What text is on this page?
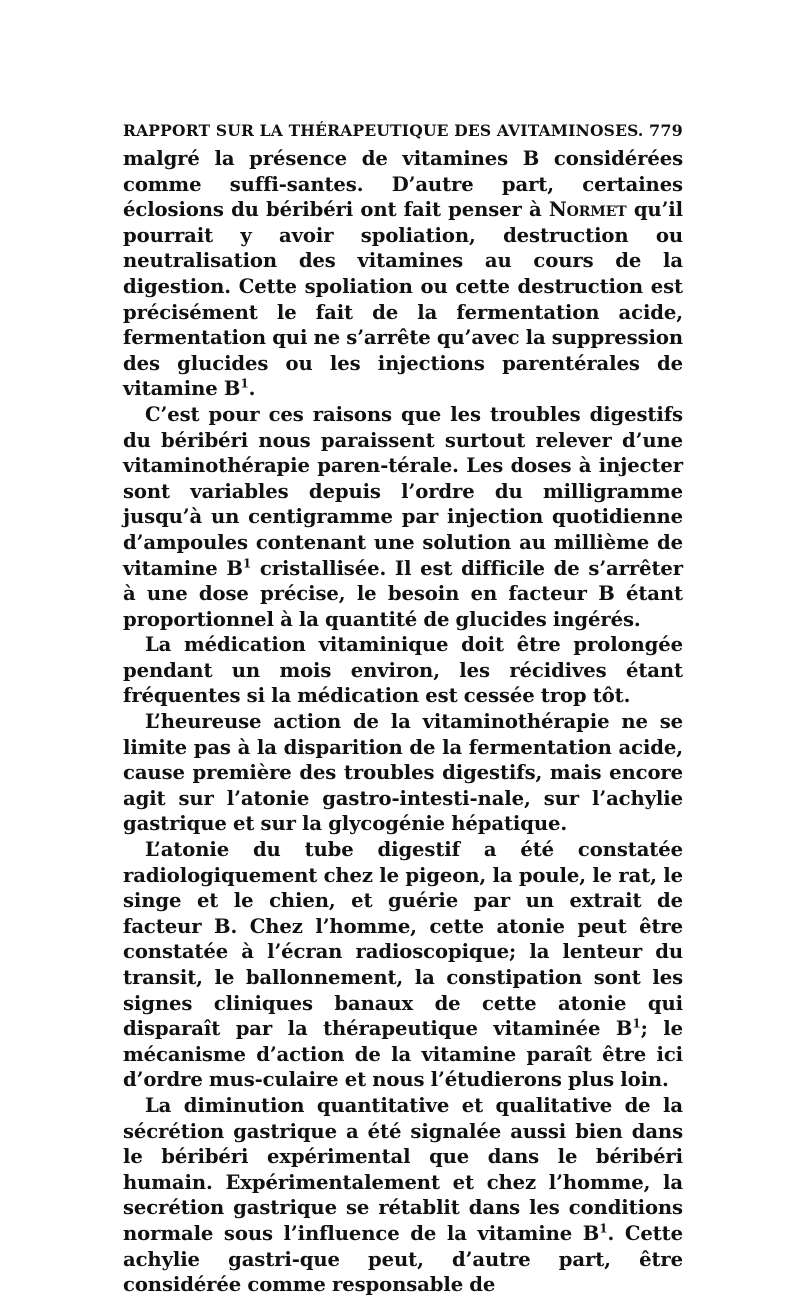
RAPPORT SUR LA THÉRAPEUTIQUE DES AVITAMINOSES. 779

malgré la présence de vitamines B considérées comme suffi-santes. D’autre part, certaines éclosions du béribéri ont fait penser à Normet qu’il pourrait y avoir spoliation, destruction ou neutralisation des vitamines au cours de la digestion. Cette spoliation ou cette destruction est précisément le fait de la fermentation acide, fermentation qui ne s’arrête qu’avec la suppression des glucides ou les injections parentérales de vitamine $B^1$.

C’est pour ces raisons que les troubles digestifs du béribéri nous paraissent surtout relever d’une vitaminothérapie paren-térale. Les doses à injecter sont variables depuis l’ordre du milligramme jusqu’à un centigramme par injection quotidienne d’ampoules contenant une solution au millième de vitamine $B^1$ cristallisée. Il est difficile de s’arrêter à une dose précise, le besoin en facteur B étant proportionnel à la quantité de glucides ingérés.

La médication vitaminique doit être prolongée pendant un mois environ, les récidives étant fréquentes si la médication est cessée trop tôt.

L’heureuse action de la vitaminothérapie ne se limite pas à la disparition de la fermentation acide, cause première des troubles digestifs, mais encore agit sur l’atonie gastro-intesti-nale, sur l’achylie gastrique et sur la glycogénie hépatique.

L’atonie du tube digestif a été constatée radiologiquement chez le pigeon, la poule, le rat, le singe et le chien, et guérie par un extrait de facteur B. Chez l’homme, cette atonie peut être constatée à l’écran radioscopique; la lenteur du transit, le ballonnement, la constipation sont les signes cliniques banaux de cette atonie qui disparaît par la thérapeutique vitaminée $B^1$; le mécanisme d’action de la vitamine paraît être ici d’ordre mus-culaire et nous l’étudierons plus loin.

La diminution quantitative et qualitative de la sécrétion gastrique a été signalée aussi bien dans le béribéri expérimental que dans le béribéri humain. Expérimentalement et chez l’homme, la secrétion gastrique se rétablit dans les conditions normale sous l’influence de la vitamine $B^1$. Cette achylie gastri-que peut, d’autre part, être considérée comme responsable de
